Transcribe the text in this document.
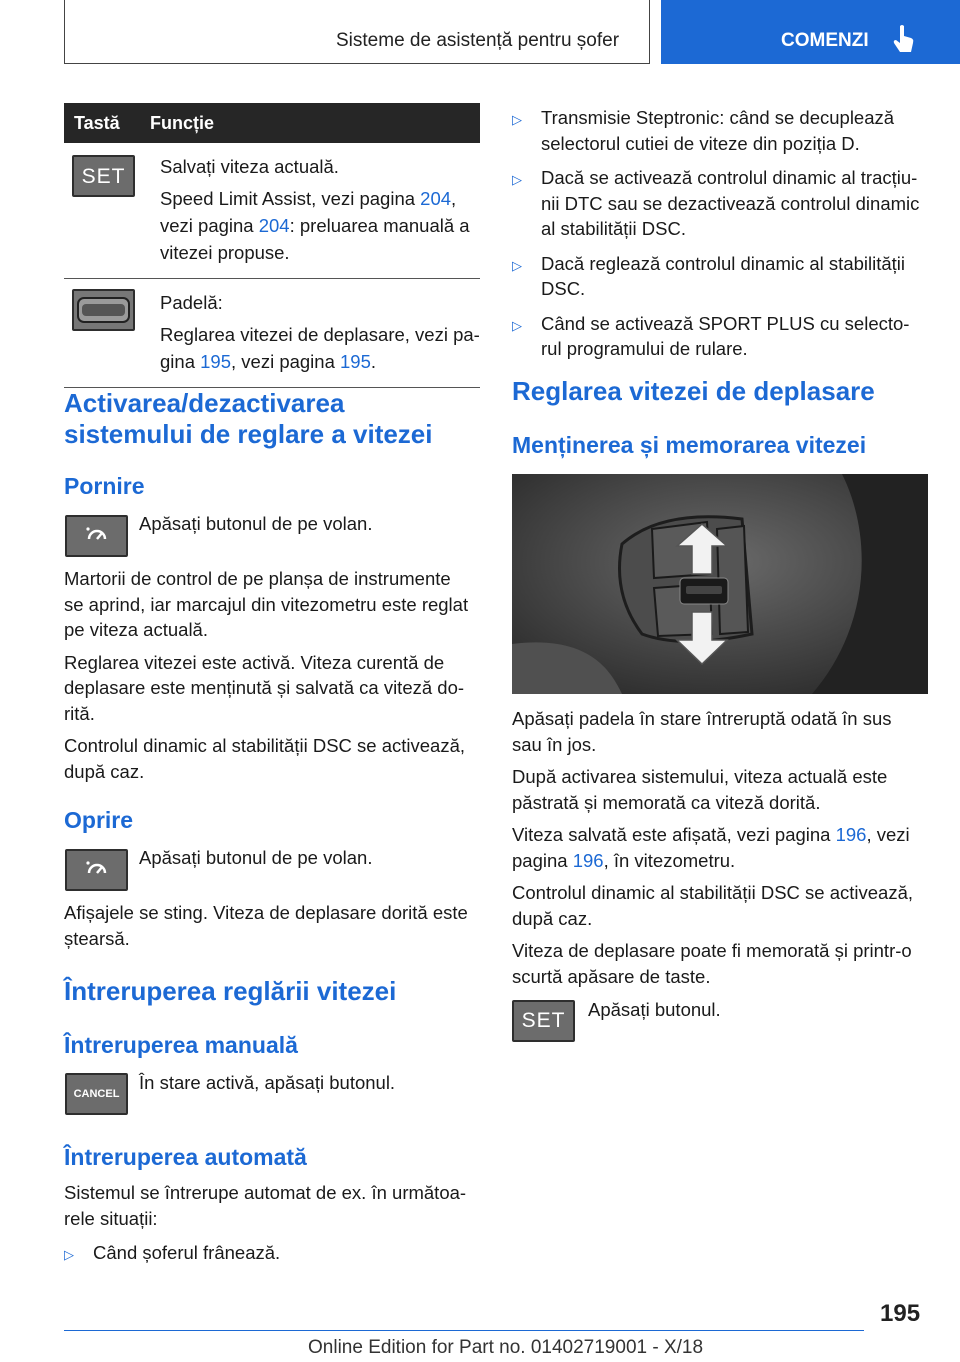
Sisteme de asistență pentru șofer	COMENZI
Tastă	Funcție

SET	Salvați viteza actuală.

Speed Limit Assist, vezi pagina 204,
vezi pagina 204: preluarea manuală a
vitezei propuse.

Padelă:

Reglarea vitezei de deplasare, vezi pa-
gina 195, vezi pagina 195.
Activarea/dezactivarea
sistemului de reglare a vitezei
Pornire
Apăsați butonul de pe volan.
Martorii de control de pe planșa de instrumente
se aprind, iar marcajul din vitezometru este reglat
pe viteza actuală.
Reglarea vitezei este activă. Viteza curentă de
deplasare este menținută și salvată ca viteză do-
rită.
Controlul dinamic al stabilității DSC se activează,
după caz.
Oprire
Apăsați butonul de pe volan.
Afișajele se sting. Viteza de deplasare dorită este
ștearsă.
Întreruperea reglării vitezei
Întreruperea manuală
CANCEL
În stare activă, apăsați butonul.
Întreruperea automată
Sistemul se întrerupe automat de ex. în următoa-
rele situații:
▷	Când șoferul frânează.
▷	Transmisie Steptronic: când se decuplează
selectorul cutiei de viteze din poziția D.
▷	Dacă se activează controlul dinamic al tracțiu-
nii DTC sau se dezactivează controlul dinamic
al stabilității DSC.
▷	Dacă reglează controlul dinamic al stabilității
DSC.
▷	Când se activează SPORT PLUS cu selecto-
rul programului de rulare.
Reglarea vitezei de deplasare
Menținerea și memorarea vitezei
Apăsați padela în stare întreruptă odată în sus
sau în jos.
După activarea sistemului, viteza actuală este
păstrată și memorată ca viteză dorită.
Viteza salvată este afișată, vezi pagina 196, vezi
pagina 196, în vitezometru.
Controlul dinamic al stabilității DSC se activează,
după caz.
Viteza de deplasare poate fi memorată și printr-o
scurtă apăsare de taste.
SET	Apăsați butonul.
195
Online Edition for Part no. 01402719001 - X/18
